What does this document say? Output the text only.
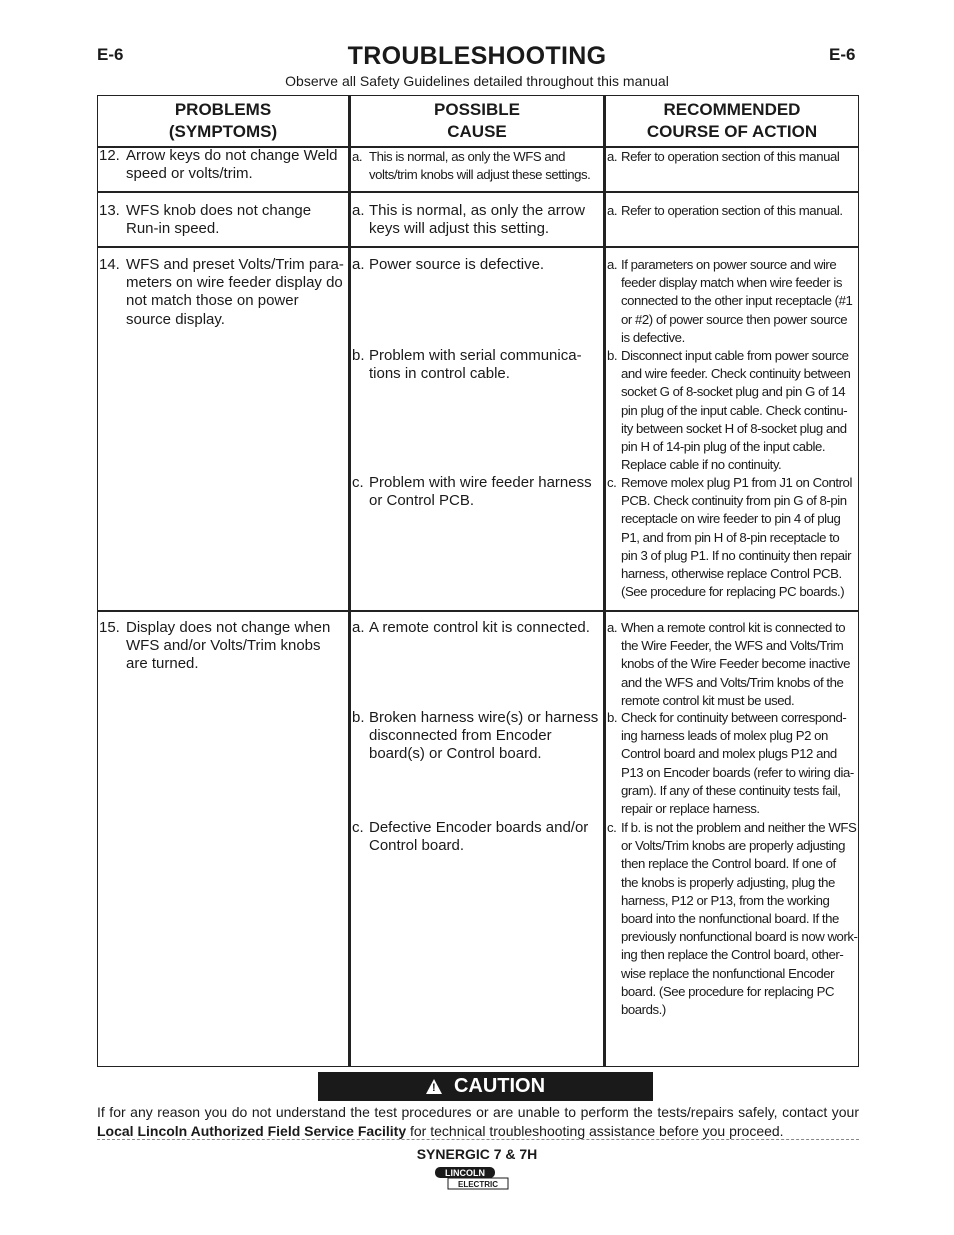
E-6	E-6
TROUBLESHOOTING
Observe all Safety Guidelines detailed throughout this manual
PROBLEMS
(SYMPTOMS)
POSSIBLE
CAUSE
RECOMMENDED
COURSE OF ACTION
12. Arrow keys do not change Weld
speed or volts/trim.
a. This is normal, as only the WFS and
volts/trim knobs will adjust these settings.
a. Refer to operation section of this manual
13. WFS knob does not change
Run-in speed.
a. This is normal, as only the arrow
keys will adjust this setting.
a. Refer to operation section of this manual.
14. WFS and preset Volts/Trim para-
meters on wire feeder display do
not match those on power
source display.
a. Power source is defective.
b. Problem with serial communica-
tions in control cable.
c. Problem with wire feeder harness
or Control PCB.
a. If parameters on power source and wire
feeder display match when wire feeder is
connected to the other input receptacle (#1
or #2) of power source then power source
is defective.
b. Disconnect input cable from power source
and wire feeder. Check continuity between
socket G of 8-socket plug and pin G of 14
pin plug of the input cable. Check continu-
ity between socket H of 8-socket plug and
pin H of 14-pin plug of the input cable.
Replace cable if no continuity.
c. Remove molex plug P1 from J1 on Control
PCB. Check continuity from pin G of 8-pin
receptacle on wire feeder to pin 4 of plug
P1, and from pin H of 8-pin receptacle to
pin 3 of plug P1. If no continuity then repair
harness, otherwise replace Control PCB.
(See procedure for replacing PC boards.)
15. Display does not change when
WFS and/or Volts/Trim knobs
are turned.
a. A remote control kit is connected.
b. Broken harness wire(s) or harness
disconnected from Encoder
board(s) or Control board.
c. Defective Encoder boards and/or
Control board.
a. When a remote control kit is connected to
the Wire Feeder, the WFS and Volts/Trim
knobs of the Wire Feeder become inactive
and the WFS and Volts/Trim knobs of the
remote control kit must be used.
b. Check for continuity between correspond-
ing harness leads of molex plug P2 on
Control board and molex plugs P12 and
P13 on Encoder boards (refer to wiring dia-
gram). If any of these continuity tests fail,
repair or replace harness.
c. If b. is not the problem and neither the WFS
or Volts/Trim knobs are properly adjusting
then replace the Control board. If one of
the knobs is properly adjusting, plug the
harness, P12 or P13, from the working
board into the nonfunctional board. If the
previously nonfunctional board is now work-
ing then replace the Control board, other-
wise replace the nonfunctional Encoder
board. (See procedure for replacing PC
boards.)
! CAUTION
If for any reason you do not understand the test procedures or are unable to perform the tests/repairs safely, contact your Local Lincoln Authorized Field Service Facility for technical troubleshooting assistance before you proceed.
SYNERGIC 7 & 7H
LINCOLN
ELECTRIC
